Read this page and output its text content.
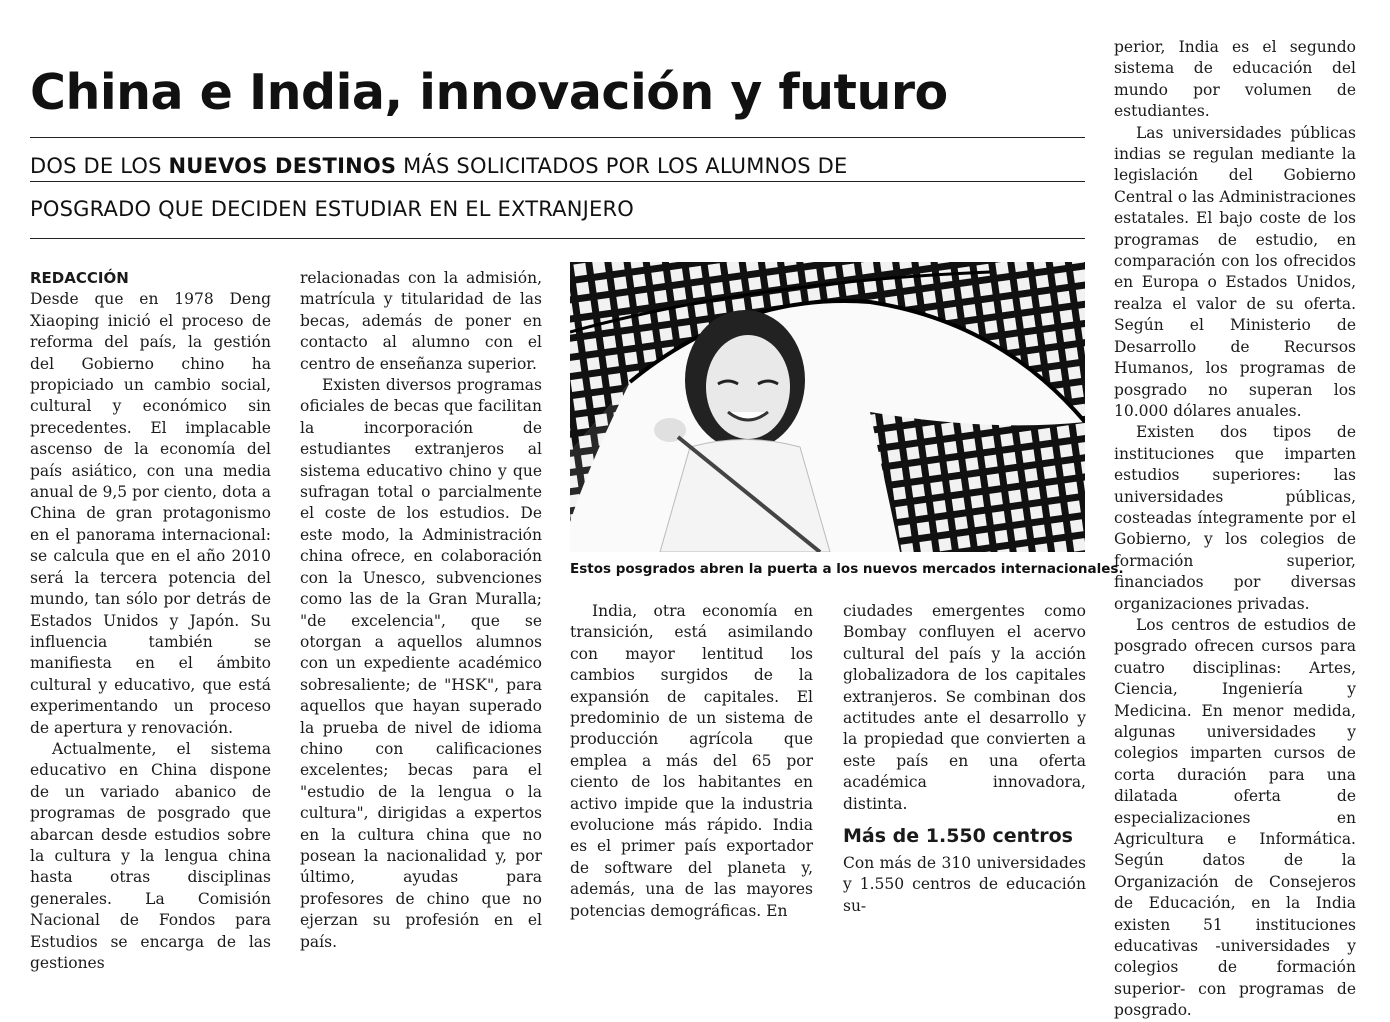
China e India, innovación y futuro
DOS DE LOS NUEVOS DESTINOS MÁS SOLICITADOS POR LOS ALUMNOS DE
POSGRADO QUE DECIDEN ESTUDIAR EN EL EXTRANJERO
REDACCIÓN

Desde que en 1978 Deng Xiaoping inició el proceso de reforma del país, la gestión del Gobierno chino ha propiciado un cambio social, cultural y económico sin precedentes. El implacable ascenso de la economía del país asiático, con una media anual de 9,5 por ciento, dota a China de gran protagonismo en el panorama internacional: se calcula que en el año 2010 será la tercera potencia del mundo, tan sólo por detrás de Estados Unidos y Japón. Su influencia también se manifiesta en el ámbito cultural y educativo, que está experimentando un proceso de apertura y renovación.

Actualmente, el sistema educativo en China dispone de un variado abanico de programas de posgrado que abarcan desde estudios sobre la cultura y la lengua china hasta otras disciplinas generales. La Comisión Nacional de Fondos para Estudios se encarga de las gestiones

relacionadas con la admisión, matrícula y titularidad de las becas, además de poner en contacto al alumno con el centro de enseñanza superior.

Existen diversos programas oficiales de becas que facilitan la incorporación de estudiantes extranjeros al sistema educativo chino y que sufragan total o parcialmente el coste de los estudios. De este modo, la Administración china ofrece, en colaboración con la Unesco, subvenciones como las de la Gran Muralla; "de excelencia", que se otorgan a aquellos alumnos con un expediente académico sobresaliente; de "HSK", para aquellos que hayan superado la prueba de nivel de idioma chino con calificaciones excelentes; becas para el "estudio de la lengua o la cultura", dirigidas a expertos en la cultura china que no posean la nacionalidad y, por último, ayudas para profesores de chino que no ejerzan su profesión en el país.

Estos posgrados abren la puerta a los nuevos mercados internacionales.

India, otra economía en transición, está asimilando con mayor lentitud los cambios surgidos de la expansión de capitales. El predominio de un sistema de producción agrícola que emplea a más del 65 por ciento de los habitantes en activo impide que la industria evolucione más rápido. India es el primer país exportador de software del planeta y, además, una de las mayores potencias demográficas. En

ciudades emergentes como Bombay confluyen el acervo cultural del país y la acción globalizadora de los capitales extranjeros. Se combinan dos actitudes ante el desarrollo y la propiedad que convierten a este país en una oferta académica innovadora, distinta.

Más de 1.550 centros

Con más de 310 universidades y 1.550 centros de educación su-

perior, India es el segundo sistema de educación del mundo por volumen de estudiantes.

Las universidades públicas indias se regulan mediante la legislación del Gobierno Central o las Administraciones estatales. El bajo coste de los programas de estudio, en comparación con los ofrecidos en Europa o Estados Unidos, realza el valor de su oferta. Según el Ministerio de Desarrollo de Recursos Humanos, los programas de posgrado no superan los 10.000 dólares anuales.

Existen dos tipos de instituciones que imparten estudios superiores: las universidades públicas, costeadas íntegramente por el Gobierno, y los colegios de formación superior, financiados por diversas organizaciones privadas.

Los centros de estudios de posgrado ofrecen cursos para cuatro disciplinas: Artes, Ciencia, Ingeniería y Medicina. En menor medida, algunas universidades y colegios imparten cursos de corta duración para una dilatada oferta de especializaciones en Agricultura e Informática. Según datos de la Organización de Consejeros de Educación, en la India existen 51 instituciones educativas -universidades y colegios de formación superior- con programas de posgrado.
